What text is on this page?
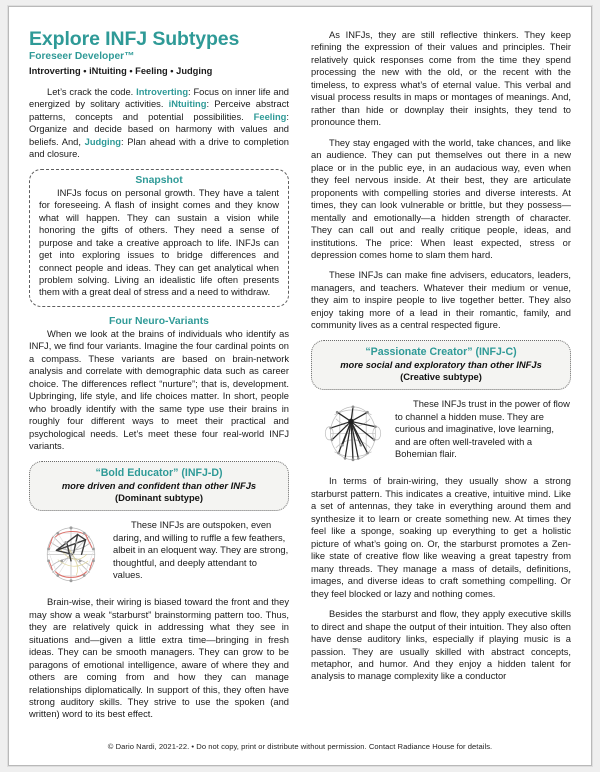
Explore INFJ Subtypes
Foreseer Developer™
Introverting • iNtuiting • Feeling • Judging

Let’s crack the code. Introverting: Focus on inner life and energized by solitary activities. iNtuiting: Perceive abstract patterns, concepts and potential possibilities. Feeling: Organize and decide based on harmony with values and beliefs. And, Judging: Plan ahead with a drive to completion and closure.

Snapshot

INFJs focus on personal growth. They have a talent for foreseeing. A flash of insight comes and they know what will happen. They can sustain a vision while honoring the gifts of others. They need a sense of purpose and take a creative approach to life. INFJs can get into exploring issues to bridge differences and connect people and ideas. They can get analytical when problem solving. Living an idealistic life often presents them with a great deal of stress and a need to withdraw.

Four Neuro-Variants

When we look at the brains of individuals who identify as INFJ, we find four variants. Imagine the four cardinal points on a compass. These variants are based on brain-network analysis and correlate with demographic data such as career choice. The differences reflect “nurture”; that is, development. Upbringing, life style, and life choices matter. In short, people who broadly identify with the same type use their brains in roughly four different ways to meet their practical and psychological needs. Let’s meet these four real-world INFJ variants.

“Bold Educator” (INFJ-D)
more driven and confident than other INFJs
(Dominant subtype)

These INFJs are outspoken, even daring, and willing to ruffle a few feathers, albeit in an eloquent way. They are strong, thoughtful, and deeply attendant to values.

Brain-wise, their wiring is biased toward the front and they may show a weak “starburst” brainstorming pattern too. Thus, they are relatively quick in addressing what they see in situations and—given a little extra time—bringing in fresh ideas. They can be smooth managers. They can grow to be paragons of emotional intelligence, aware of where they and others are coming from and how they can manage relationships diplomatically. In support of this, they often have strong auditory skills. They strive to use the spoken (and written) word to its best effect.

As INFJs, they are still reflective thinkers. They keep refining the expression of their values and principles. Their relatively quick responses come from the time they spend processing the new with the old, or the recent with the timeless, to express what’s of eternal value. This verbal and visual process results in maps or montages of meanings. And, rather than hide or downplay their insights, they tend to pronounce them.

They stay engaged with the world, take chances, and like an audience. They can put themselves out there in a new place or in the public eye, in an audacious way, even when they feel nervous inside. At their best, they are articulate proponents with compelling stories and diverse interests. At times, they can look vulnerable or brittle, but they possess—mentally and emotionally—a hidden strength of character. They can call out and really critique people, ideas, and institutions. The price: When least expected, stress or depression comes home to slam them hard.

These INFJs can make fine advisers, educators, leaders, managers, and teachers. Whatever their medium or venue, they aim to inspire people to live together better. They also enjoy taking more of a lead in their romantic, family, and community lives as a central respected figure.

“Passionate Creator” (INFJ-C)
more social and exploratory than other INFJs
(Creative subtype)

These INFJs trust in the power of flow to channel a hidden muse. They are curious and imaginative, love learning, and are often well-traveled with a Bohemian flair.

In terms of brain-wiring, they usually show a strong starburst pattern. This indicates a creative, intuitive mind. Like a set of antennas, they take in everything around them and synthesize it to learn or create something new. At times they feel like a sponge, soaking up everything to get a holistic picture of what’s going on. Or, the starburst promotes a Zen-like state of creative flow like weaving a great tapestry from many threads. They manage a mass of details, definitions, images, and diverse ideas to craft something compelling. Or they feel blocked or lazy and nothing comes.

Besides the starburst and flow, they apply executive skills to direct and shape the output of their intuition. They also often have dense auditory links, especially if playing music is a passion. They are usually skilled with abstract concepts, metaphor, and humor. And they enjoy a hidden talent for analysis to manage complexity like a conductor

© Dario Nardi, 2021-22. • Do not copy, print or distribute without permission. Contact Radiance House for details.
